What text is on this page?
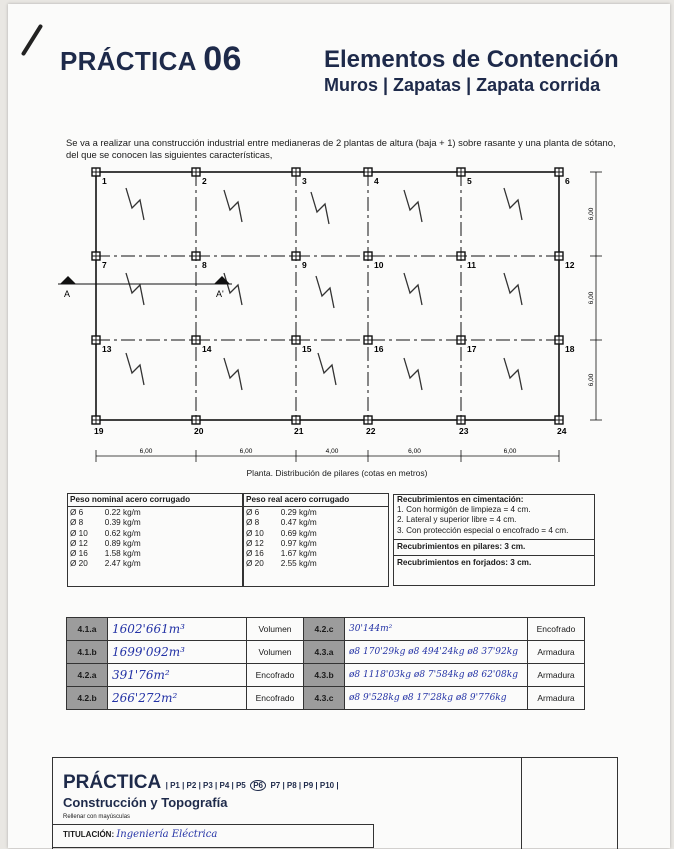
PRÁCTICA 06	Elementos de Contención
Muros | Zapatas | Zapata corrida
Se va a realizar una construcción industrial entre medianeras de 2 plantas de altura (baja + 1) sobre rasante y una planta de sótano, del que se conocen las siguientes características,
1	2	3	4	5	6
7	8	9	10	11	12
13	14	15	16	17	18
19	20	21	22	23	24
A	A'
6,00	6,00	4,00	6,00	6,00
6,00
6,00
6,00
Planta. Distribución de pilares (cotas en metros)
Peso nominal acero corrugado
Ø 6	0.22 kg/m
Ø 8	0.39 kg/m
Ø 10	0.62 kg/m
Ø 12	0.89 kg/m
Ø 16	1.58 kg/m
Ø 20	2.47 kg/m
Peso real acero corrugado
Ø 6	0.29 kg/m
Ø 8	0.47 kg/m
Ø 10	0.69 kg/m
Ø 12	0.97 kg/m
Ø 16	1.67 kg/m
Ø 20	2.55 kg/m
Recubrimientos en cimentación:
1. Con hormigón de limpieza = 4 cm.
2. Lateral y superior libre = 4 cm.
3. Con protección especial o encofrado = 4 cm.
Recubrimientos en pilares: 3 cm.
Recubrimientos en forjados: 3 cm.
4.1.a	1602'661m³	Volumen	4.2.c	30'144m²	Encofrado
4.1.b	1699'092m³	Volumen	4.3.a	ø8 170'29kg ø8 494'24kg ø8 37'92kg	Armadura
4.2.a	391'76m²	Encofrado	4.3.b	ø8 1118'03kg ø8 7'584kg ø8 62'08kg	Armadura
4.2.b	266'272m²	Encofrado	4.3.c	ø8 9'528kg ø8 17'28kg ø8 9'776kg	Armadura
PRÁCTICA | P1 | P2 | P3 | P4 | P5 P6 P7 | P8 | P9 | P10 |
Construcción y Topografía
Rellenar con mayúsculas
TITULACIÓN: Ingeniería Eléctrica
